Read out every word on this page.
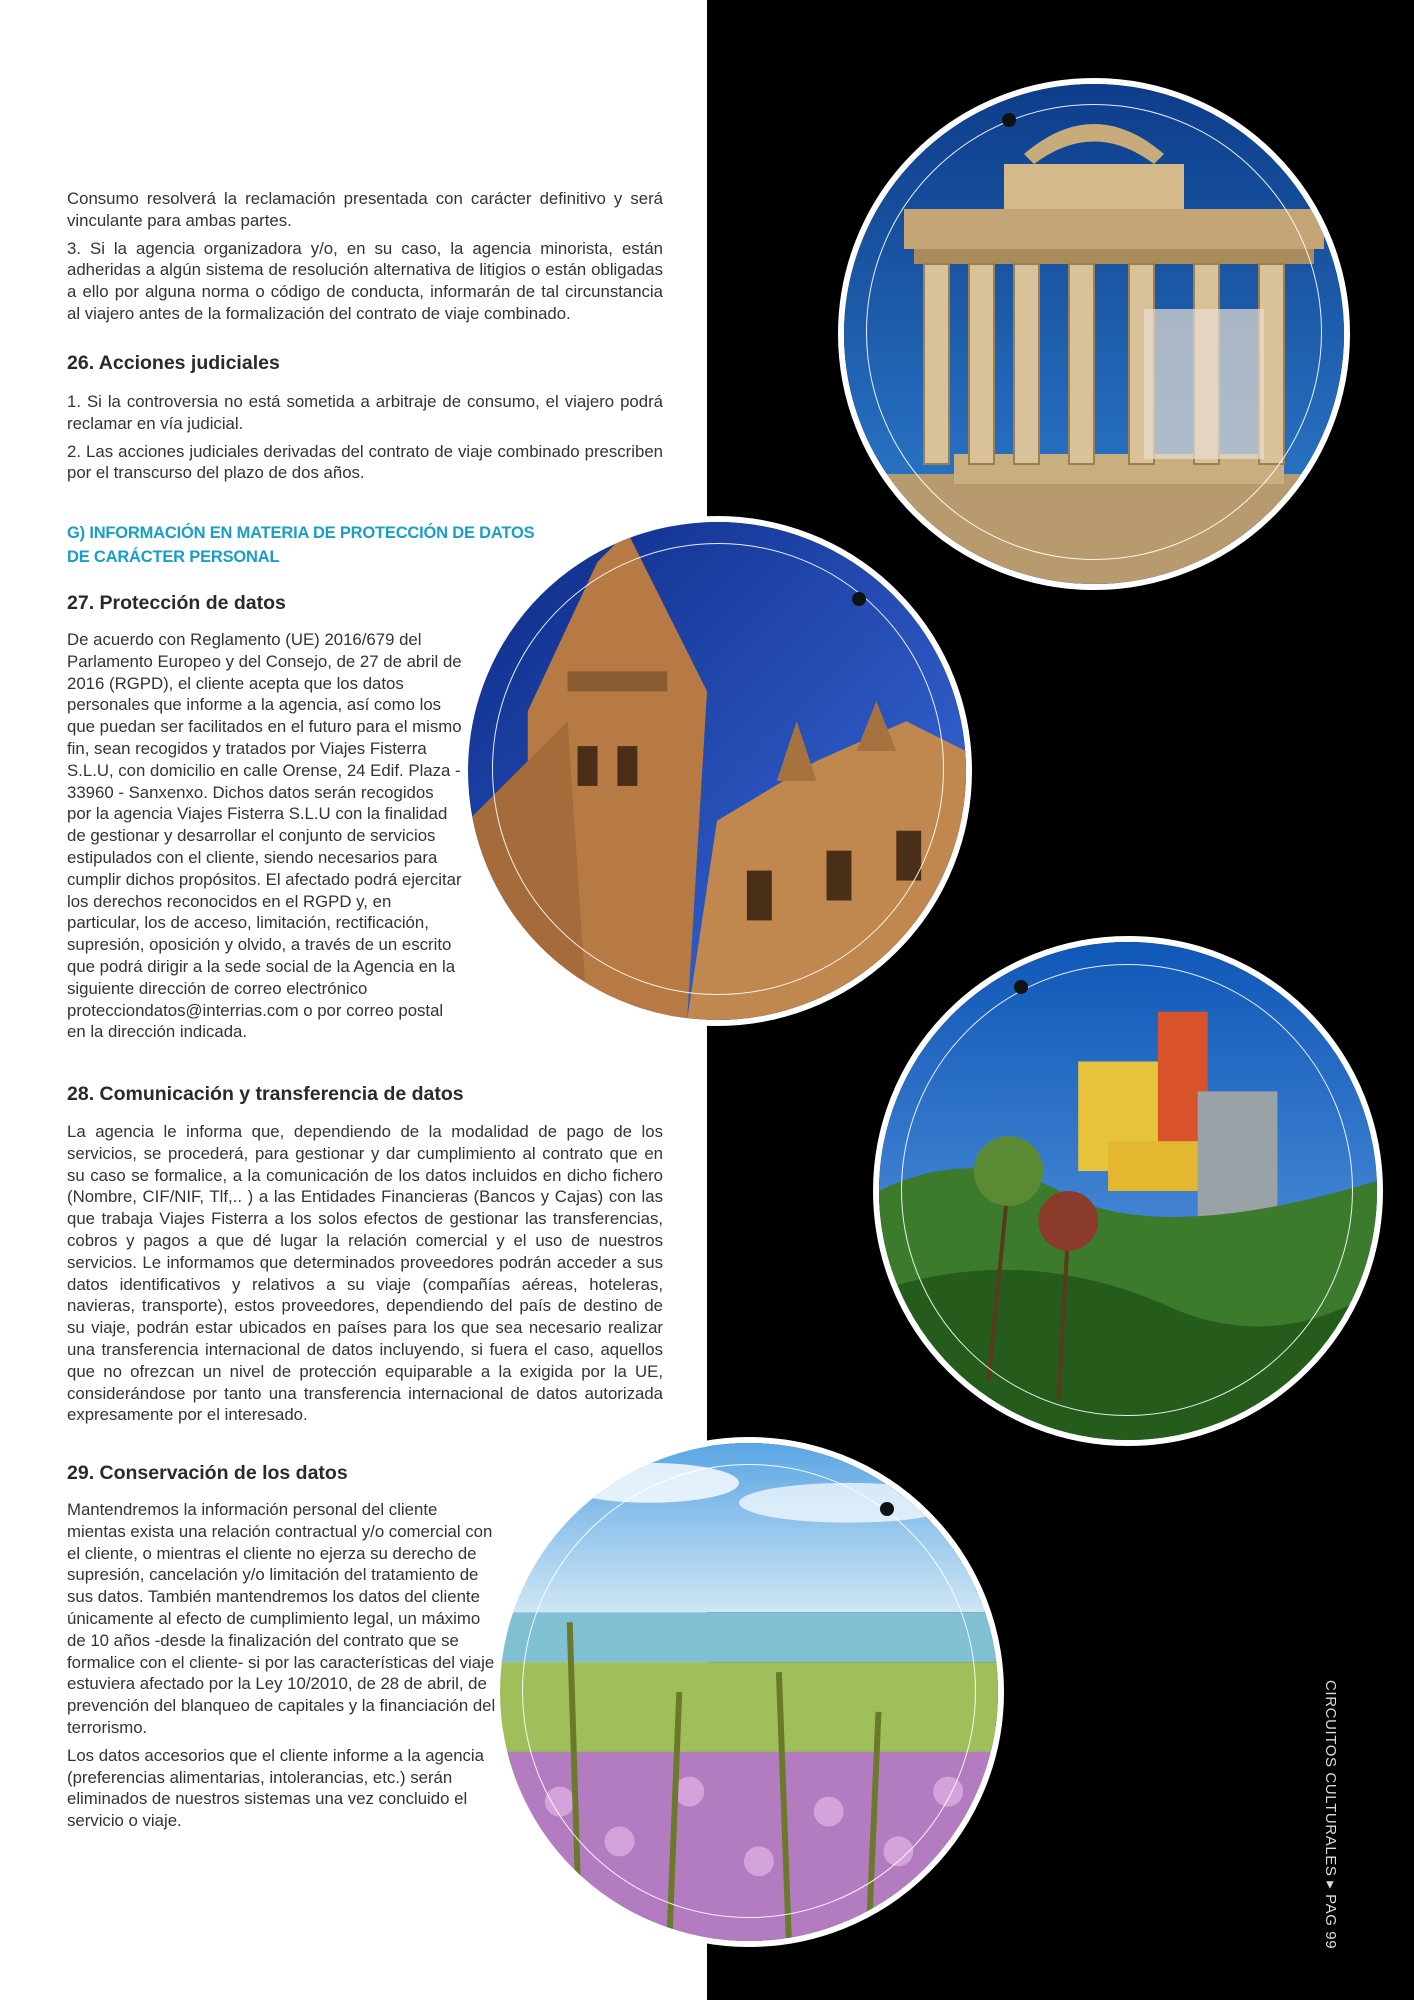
Consumo resolverá la reclamación presentada con carácter definitivo y será vinculante para ambas partes.

3. Si la agencia organizadora y/o, en su caso, la agencia minorista, están adheridas a algún sistema de resolución alternativa de litigios o están obligadas a ello por alguna norma o código de conducta, informarán de tal circunstancia al viajero antes de la formalización del contrato de viaje combinado.

26. Acciones judiciales

1. Si la controversia no está sometida a arbitraje de consumo, el viajero podrá reclamar en vía judicial.

2. Las acciones judiciales derivadas del contrato de viaje combinado prescriben por el transcurso del plazo de dos años.

G) INFORMACIÓN EN MATERIA DE PROTECCIÓN DE DATOS
DE CARÁCTER PERSONAL
27. Protección de datos

De acuerdo con Reglamento (UE) 2016/679 del Parlamento Europeo y del Consejo, de 27 de abril de 2016 (RGPD), el cliente acepta que los datos personales que informe a la agencia, así como los que puedan ser facilitados en el futuro para el mismo fin, sean recogidos y tratados por Viajes Fisterra S.L.U, con domicilio en calle Orense, 24 Edif. Plaza - 33960 - Sanxenxo. Dichos datos serán recogidos por la agencia Viajes Fisterra S.L.U con la finalidad de gestionar y desarrollar el conjunto de servicios estipulados con el cliente, siendo necesarios para cumplir dichos propósitos. El afectado podrá ejercitar los derechos reconocidos en el RGPD y, en particular, los de acceso, limitación, rectificación, supresión, oposición y olvido, a través de un escrito que podrá dirigir a la sede social de la Agencia en la siguiente dirección de correo electrónico protecciondatos@interrias.com o por correo postal en la dirección indicada.

28. Comunicación y transferencia de datos

La agencia le informa que, dependiendo de la modalidad de pago de los servicios, se procederá, para gestionar y dar cumplimiento al contrato que en su caso se formalice, a la comunicación de los datos incluidos en dicho fichero (Nombre, CIF/NIF, Tlf,.. ) a las Entidades Financieras (Bancos y Cajas) con las que trabaja Viajes Fisterra a los solos efectos de gestionar las transferencias, cobros y pagos a que dé lugar la relación comercial y el uso de nuestros servicios. Le informamos que determinados proveedores podrán acceder a sus datos identificativos y relativos a su viaje (compañías aéreas, hoteleras, navieras, transporte), estos proveedores, dependiendo del país de destino de su viaje, podrán estar ubicados en países para los que sea necesario realizar una transferencia internacional de datos incluyendo, si fuera el caso, aquellos que no ofrezcan un nivel de protección equiparable a la exigida por la UE, considerándose por tanto una transferencia internacional de datos autorizada expresamente por el interesado.

29. Conservación de los datos

Mantendremos la información personal del cliente mientas exista una relación contractual y/o comercial con el cliente, o mientras el cliente no ejerza su derecho de supresión, cancelación y/o limitación del tratamiento de sus datos. También mantendremos los datos del cliente únicamente al efecto de cumplimiento legal, un máximo de 10 años -desde la finalización del contrato que se formalice con el cliente- si por las características del viaje estuviera afectado por la Ley 10/2010, de 28 de abril, de prevención del blanqueo de capitales y la financiación del terrorismo.

Los datos accesorios que el cliente informe a la agencia (preferencias alimentarias, intolerancias, etc.) serán eliminados de nuestros sistemas una vez concluido el servicio o viaje.	CIRCUITOS CULTURALES ▸ PAG 99
